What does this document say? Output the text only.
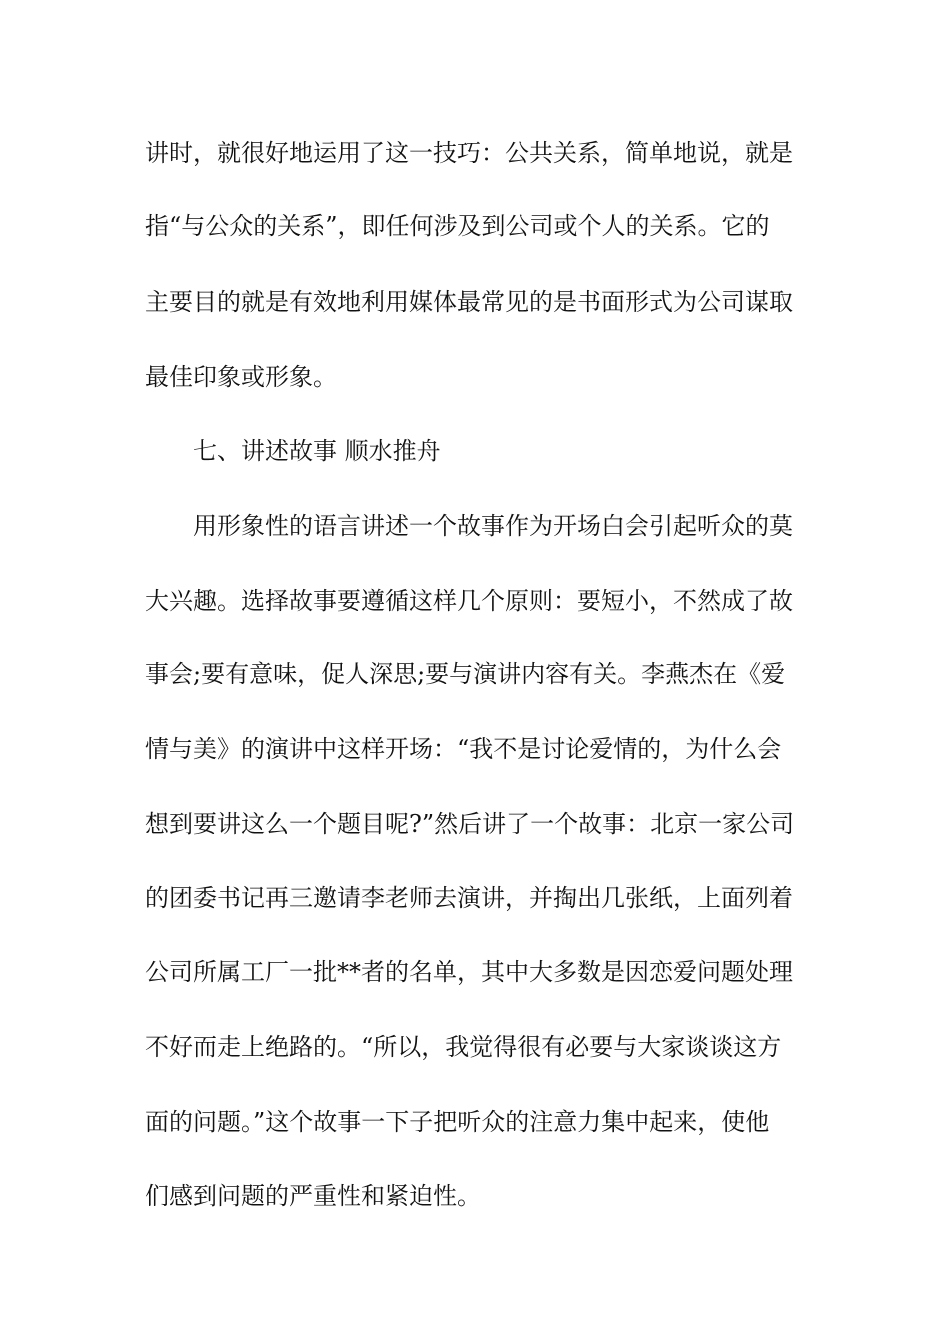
讲时，就很好地运用了这一技巧：公共关系，简单地说，就是
指“与公众的关系”，即任何涉及到公司或个人的关系。它的
主要目的就是有效地利用媒体最常见的是书面形式为公司谋取
最佳印象或形象。
七、讲述故事 顺水推舟
用形象性的语言讲述一个故事作为开场白会引起听众的莫
大兴趣。选择故事要遵循这样几个原则：要短小，不然成了故
事会;要有意味，促人深思;要与演讲内容有关。李燕杰在《爱
情与美》的演讲中这样开场：“我不是讨论爱情的，为什么会
想到要讲这么一个题目呢?”然后讲了一个故事：北京一家公司
的团委书记再三邀请李老师去演讲，并掏出几张纸，上面列着
公司所属工厂一批**者的名单，其中大多数是因恋爱问题处理
不好而走上绝路的。“所以，我觉得很有必要与大家谈谈这方
面的问题。”这个故事一下子把听众的注意力集中起来，使他
们感到问题的严重性和紧迫性。
